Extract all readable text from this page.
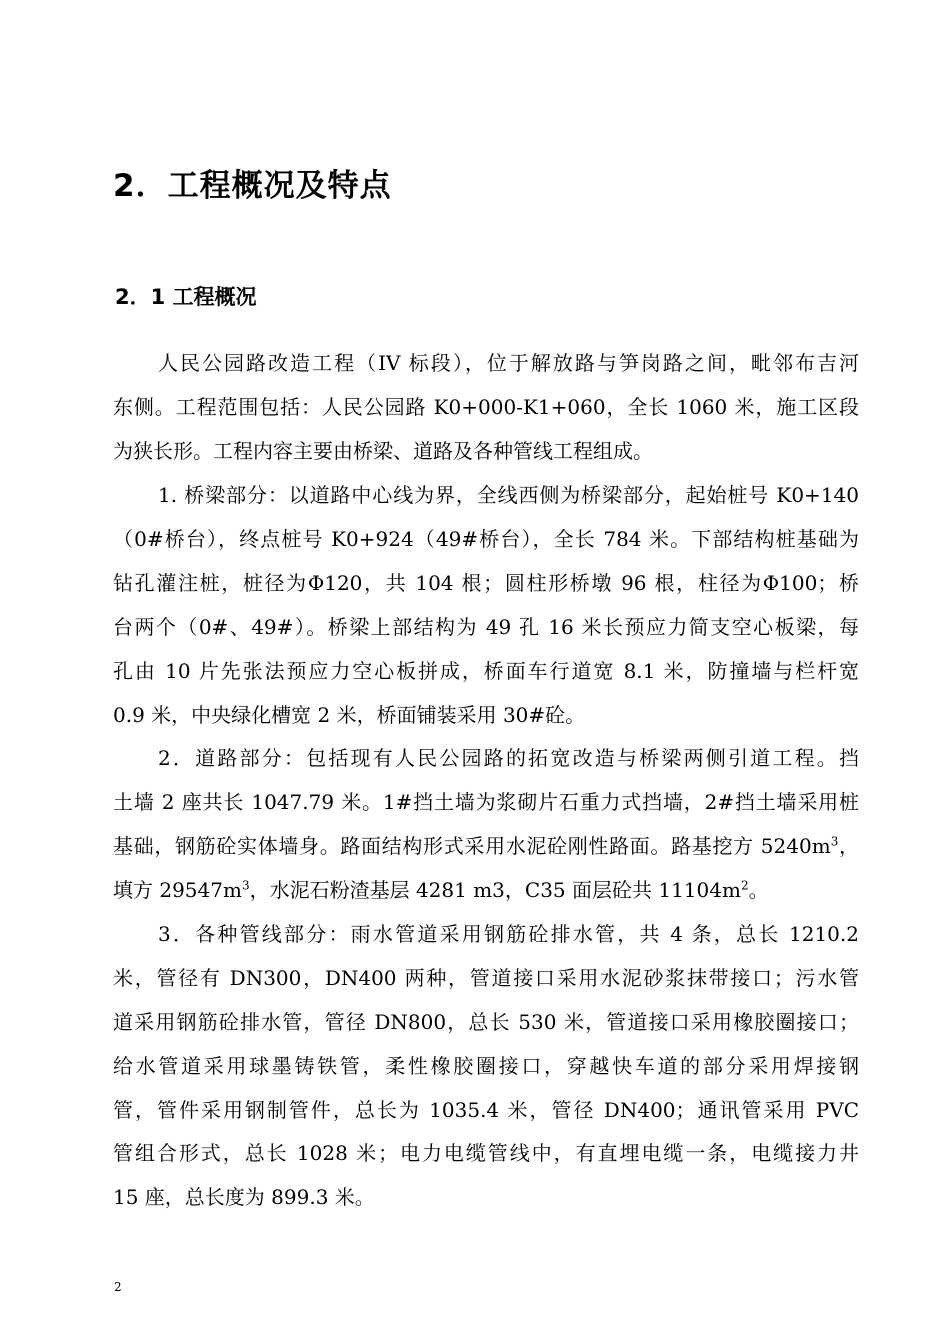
2．工程概况及特点
2．1 工程概况
人民公园路改造工程（IV 标段），位于解放路与笋岗路之间，毗邻布吉河
东侧。工程范围包括：人民公园路 K0+000-K1+060，全长 1060 米，施工区段
为狭长形。工程内容主要由桥梁、道路及各种管线工程组成。
1. 桥梁部分：以道路中心线为界，全线西侧为桥梁部分，起始桩号 K0+140
（0#桥台），终点桩号 K0+924（49#桥台），全长 784 米。下部结构桩基础为
钻孔灌注桩，桩径为Φ120，共 104 根；圆柱形桥墩 96 根，柱径为Φ100；桥
台两个（0#、49#）。桥梁上部结构为 49 孔 16 米长预应力简支空心板梁，每
孔由 10 片先张法预应力空心板拼成，桥面车行道宽 8.1 米，防撞墙与栏杆宽
0.9 米，中央绿化槽宽 2 米，桥面铺装采用 30#砼。
2．道路部分：包括现有人民公园路的拓宽改造与桥梁两侧引道工程。挡
土墙 2 座共长 1047.79 米。1#挡土墙为浆砌片石重力式挡墙，2#挡土墙采用桩
基础，钢筋砼实体墙身。路面结构形式采用水泥砼刚性路面。路基挖方 $5240m^3$，
填方 $29547m^3$，水泥石粉渣基层 4281 m3，C35 面层砼共 $11104m^2$。
3．各种管线部分：雨水管道采用钢筋砼排水管，共 4 条，总长 1210.2
米，管径有 DN300，DN400 两种，管道接口采用水泥砂浆抹带接口；污水管
道采用钢筋砼排水管，管径 DN800，总长 530 米，管道接口采用橡胶圈接口；
给水管道采用球墨铸铁管，柔性橡胶圈接口，穿越快车道的部分采用焊接钢
管，管件采用钢制管件，总长为 1035.4 米，管径 DN400；通讯管采用 PVC
管组合形式，总长 1028 米；电力电缆管线中，有直埋电缆一条，电缆接力井
15 座，总长度为 899.3 米。
2
